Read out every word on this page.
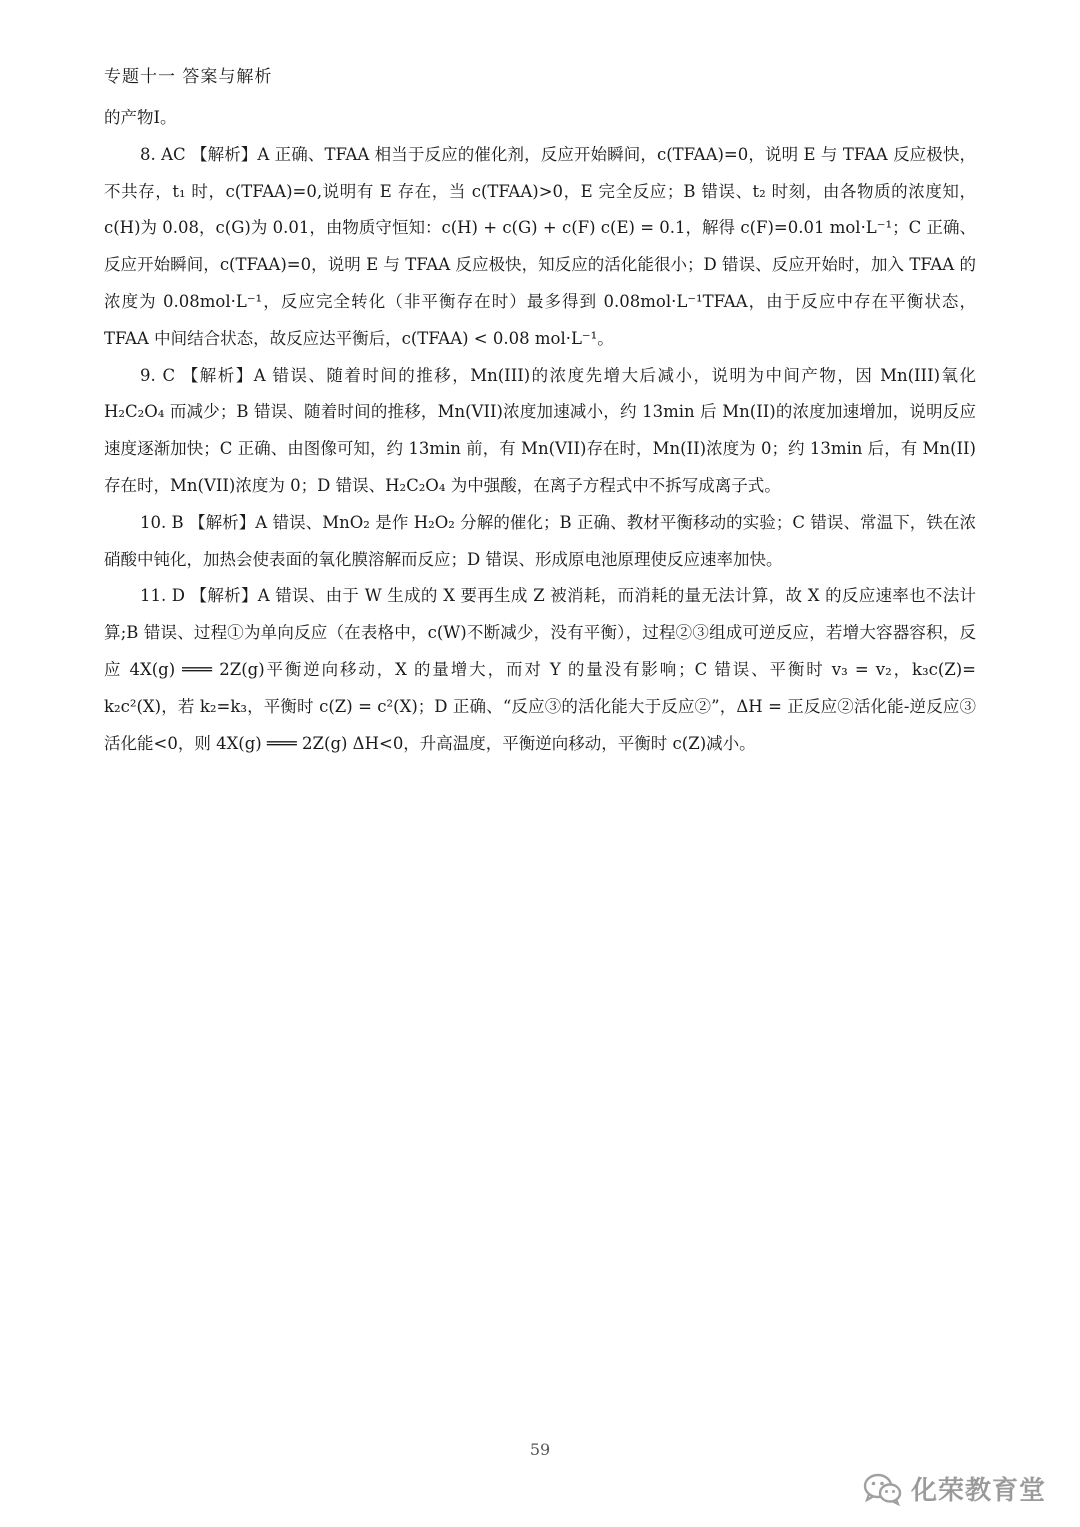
专题十一 答案与解析

的产物I。

8. AC 【解析】A 正确、TFAA 相当于反应的催化剂，反应开始瞬间，c(TFAA)=0，说明 E 与 TFAA 反应极快，不共存，t₁ 时，c(TFAA)=0,说明有 E 存在，当 c(TFAA)>0，E 完全反应；B 错误、t₂ 时刻，由各物质的浓度知，c(H)为 0.08，c(G)为 0.01，由物质守恒知：c(H) + c(G) + c(F) c(E) = 0.1，解得 c(F)=0.01 mol·L⁻¹；C 正确、反应开始瞬间，c(TFAA)=0，说明 E 与 TFAA 反应极快，知反应的活化能很小；D 错误、反应开始时，加入 TFAA 的浓度为 0.08mol·L⁻¹，反应完全转化（非平衡存在时）最多得到 0.08mol·L⁻¹TFAA，由于反应中存在平衡状态，TFAA 中间结合状态，故反应达平衡后，c(TFAA) < 0.08 mol·L⁻¹。

9. C 【解析】A 错误、随着时间的推移，Mn(III)的浓度先增大后减小，说明为中间产物，因 Mn(III)氧化 H₂C₂O₄ 而减少；B 错误、随着时间的推移，Mn(VII)浓度加速减小，约 13min 后 Mn(II)的浓度加速增加，说明反应速度逐渐加快；C 正确、由图像可知，约 13min 前，有 Mn(VII)存在时，Mn(II)浓度为 0；约 13min 后，有 Mn(II)存在时，Mn(VII)浓度为 0；D 错误、H₂C₂O₄ 为中强酸，在离子方程式中不拆写成离子式。

10. B 【解析】A 错误、MnO₂ 是作 H₂O₂ 分解的催化；B 正确、教材平衡移动的实验；C 错误、常温下，铁在浓硝酸中钝化，加热会使表面的氧化膜溶解而反应；D 错误、形成原电池原理使反应速率加快。

11. D 【解析】A 错误、由于 W 生成的 X 要再生成 Z 被消耗，而消耗的量无法计算，故 X 的反应速率也不法计算;B 错误、过程①为单向反应（在表格中，c(W)不断减少，没有平衡），过程②③组成可逆反应，若增大容器容积，反应 4X(g) ═══ 2Z(g)平衡逆向移动，X 的量增大，而对 Y 的量没有影响；C 错误、平衡时 v₃ = v₂，k₃c(Z)= k₂c²(X)，若 k₂=k₃，平衡时 c(Z) = c²(X)；D 正确、“反应③的活化能大于反应②”，ΔH = 正反应②活化能-逆反应③活化能<0，则 4X(g) ═══ 2Z(g) ΔH<0，升高温度，平衡逆向移动，平衡时 c(Z)减小。

59
化荣教育堂
